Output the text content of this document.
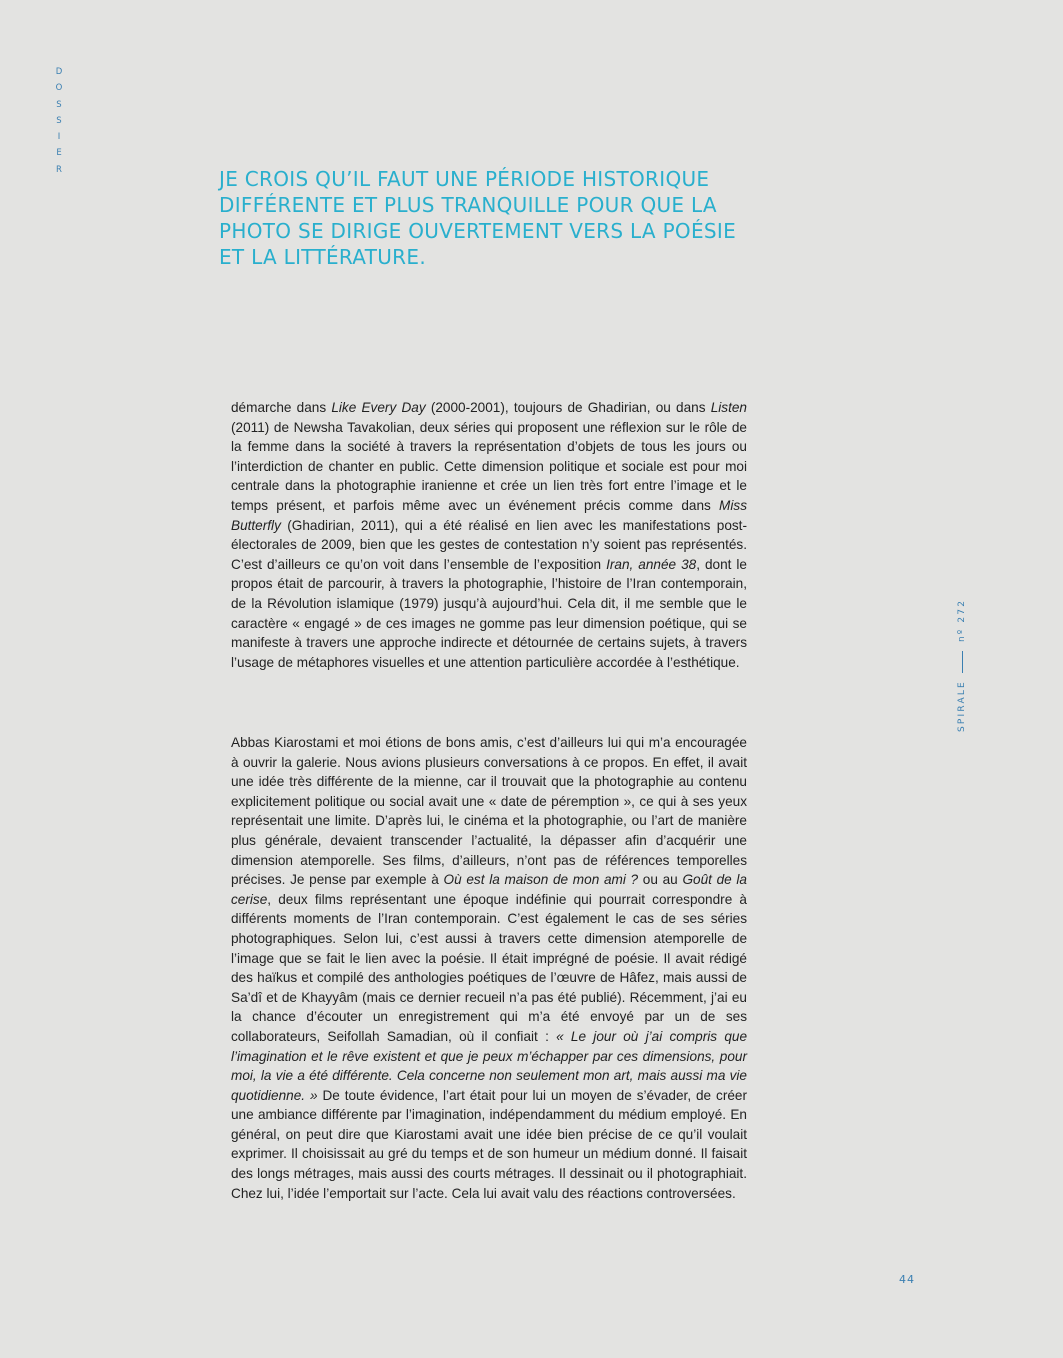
D
O
S
S
I
E
R	JE CROIS QU’IL FAUT UNE PÉRIODE HISTORIQUE DIFFÉRENTE ET PLUS TRANQUILLE POUR QUE LA PHOTO SE DIRIGE OUVERTEMENT VERS LA POÉSIE ET LA LITTÉRATURE.

démarche dans Like Every Day (2000-2001), toujours de Ghadirian, ou dans Listen (2011) de Newsha Tavakolian, deux séries qui proposent une réflexion sur le rôle de la femme dans la société à travers la représentation d’objets de tous les jours ou l’interdiction de chanter en public. Cette dimension politique et sociale est pour moi centrale dans la photographie iranienne et crée un lien très fort entre l’image et le temps présent, et parfois même avec un événement précis comme dans Miss Butterfly (Ghadirian, 2011), qui a été réalisé en lien avec les manifestations post-électorales de 2009, bien que les gestes de contestation n’y soient pas représentés. C’est d’ailleurs ce qu’on voit dans l’ensemble de l’exposition Iran, année 38, dont le propos était de parcourir, à travers la photographie, l’histoire de l’Iran contemporain, de la Révolution islamique (1979) jusqu’à aujourd’hui. Cela dit, il me semble que le caractère « engagé » de ces images ne gomme pas leur dimension poétique, qui se manifeste à travers une approche indirecte et détournée de certains sujets, à travers l’usage de métaphores visuelles et une attention particulière accordée à l’esthétique.

Abbas Kiarostami et moi étions de bons amis, c’est d’ailleurs lui qui m’a encouragée à ouvrir la galerie. Nous avions plusieurs conversations à ce propos. En effet, il avait une idée très différente de la mienne, car il trouvait que la photographie au contenu explicitement politique ou social avait une « date de péremption », ce qui à ses yeux représentait une limite. D’après lui, le cinéma et la photographie, ou l’art de manière plus générale, devaient transcender l’actualité, la dépasser afin d’acquérir une dimension atemporelle. Ses films, d’ailleurs, n’ont pas de références temporelles précises. Je pense par exemple à Où est la maison de mon ami ? ou au Goût de la cerise, deux films représentant une époque indéfinie qui pourrait correspondre à différents moments de l’Iran contemporain. C’est également le cas de ses séries photographiques. Selon lui, c’est aussi à travers cette dimension atemporelle de l’image que se fait le lien avec la poésie. Il était imprégné de poésie. Il avait rédigé des haïkus et compilé des anthologies poétiques de l’œuvre de Hâfez, mais aussi de Sa’dî et de Khayyâm (mais ce dernier recueil n’a pas été publié). Récemment, j’ai eu la chance d’écouter un enregistrement qui m’a été envoyé par un de ses collaborateurs, Seifollah Samadian, où il confiait : « Le jour où j’ai compris que l’imagination et le rêve existent et que je peux m’échapper par ces dimensions, pour moi, la vie a été différente. Cela concerne non seulement mon art, mais aussi ma vie quotidienne. » De toute évidence, l’art était pour lui un moyen de s’évader, de créer une ambiance différente par l’imagination, indépendamment du médium employé. En général, on peut dire que Kiarostami avait une idée bien précise de ce qu’il voulait exprimer. Il choisissait au gré du temps et de son humeur un médium donné. Il faisait des longs métrages, mais aussi des courts métrages. Il dessinait ou il photographiait. Chez lui, l’idée l’emportait sur l’acte. Cela lui avait valu des réactions controversées.

SPIRALE
nº 272
44
